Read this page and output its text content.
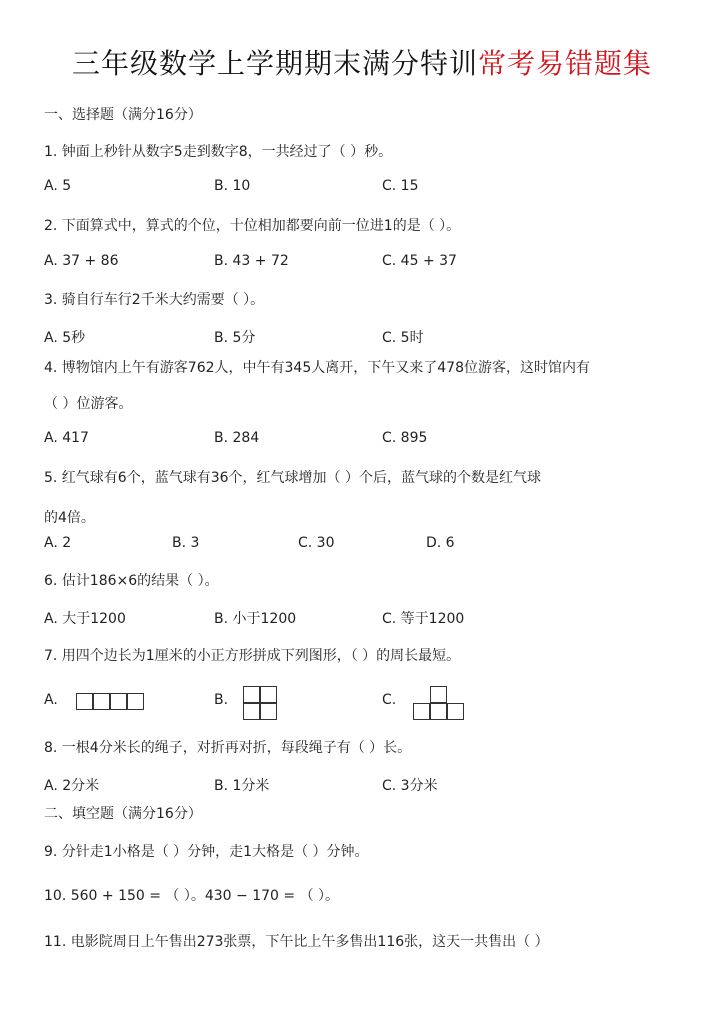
三年级数学上学期期末满分特训常考易错题集
一、选择题（满分16分）
1. 钟面上秒针从数字5走到数字8，一共经过了（ ）秒。
A. 5	B. 10	C. 15
2. 下面算式中，算式的个位，十位相加都要向前一位进1的是（ ）。
A. 37 + 86	B. 43 + 72	C. 45 + 37
3. 骑自行车行2千米大约需要（ ）。
A. 5秒	B. 5分	C. 5时
4. 博物馆内上午有游客762人，中午有345人离开，下午又来了478位游客，这时馆内有
（ ）位游客。
A. 417	B. 284	C. 895
5. 红气球有6个，蓝气球有36个，红气球增加（ ）个后，蓝气球的个数是红气球
的4倍。
A. 2	B. 3	C. 30	D. 6
6. 估计186×6的结果（ ）。
A. 大于1200	B. 小于1200	C. 等于1200
7. 用四个边长为1厘米的小正方形拼成下列图形，（ ）的周长最短。
A.	B.	C.
8. 一根4分米长的绳子，对折再对折，每段绳子有（ ）长。
A. 2分米	B. 1分米	C. 3分米
二、填空题（满分16分）
9. 分针走1小格是（ ）分钟，走1大格是（ ）分钟。
10. 560 + 150 = （ ）。430 − 170 = （ ）。
11. 电影院周日上午售出273张票，下午比上午多售出116张，这天一共售出（ ）
